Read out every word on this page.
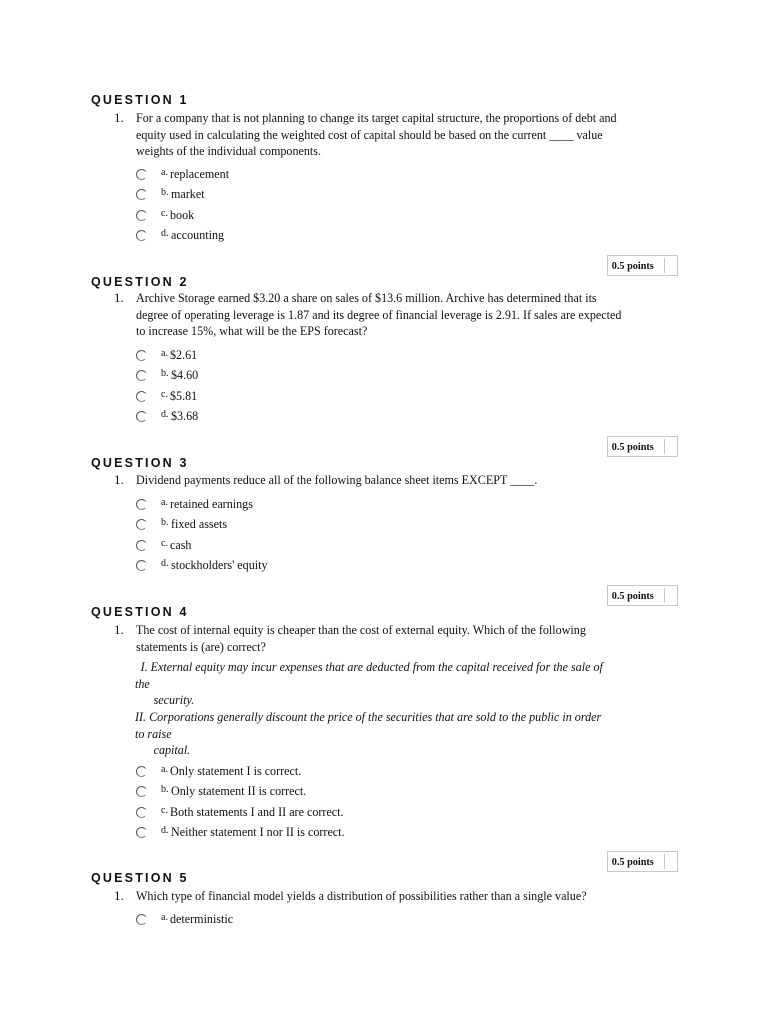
QUESTION 1
1. For a company that is not planning to change its target capital structure, the proportions of debt and equity used in calculating the weighted cost of capital should be based on the current ____ value weights of the individual components.
a. replacement
b. market
c. book
d. accounting
0.5 points
QUESTION 2
1. Archive Storage earned $3.20 a share on sales of $13.6 million. Archive has determined that its degree of operating leverage is 1.87 and its degree of financial leverage is 2.91. If sales are expected to increase 15%, what will be the EPS forecast?
a. $2.61
b. $4.60
c. $5.81
d. $3.68
0.5 points
QUESTION 3
1. Dividend payments reduce all of the following balance sheet items EXCEPT ____.
a. retained earnings
b. fixed assets
c. cash
d. stockholders' equity
0.5 points
QUESTION 4
1. The cost of internal equity is cheaper than the cost of external equity. Which of the following statements is (are) correct?
I. External equity may incur expenses that are deducted from the capital received for the sale of
the
security.
II. Corporations generally discount the price of the securities that are sold to the public in order
to raise
capital.
a. Only statement I is correct.
b. Only statement II is correct.
c. Both statements I and II are correct.
d. Neither statement I nor II is correct.
0.5 points
QUESTION 5
1. Which type of financial model yields a distribution of possibilities rather than a single value?
a. deterministic
